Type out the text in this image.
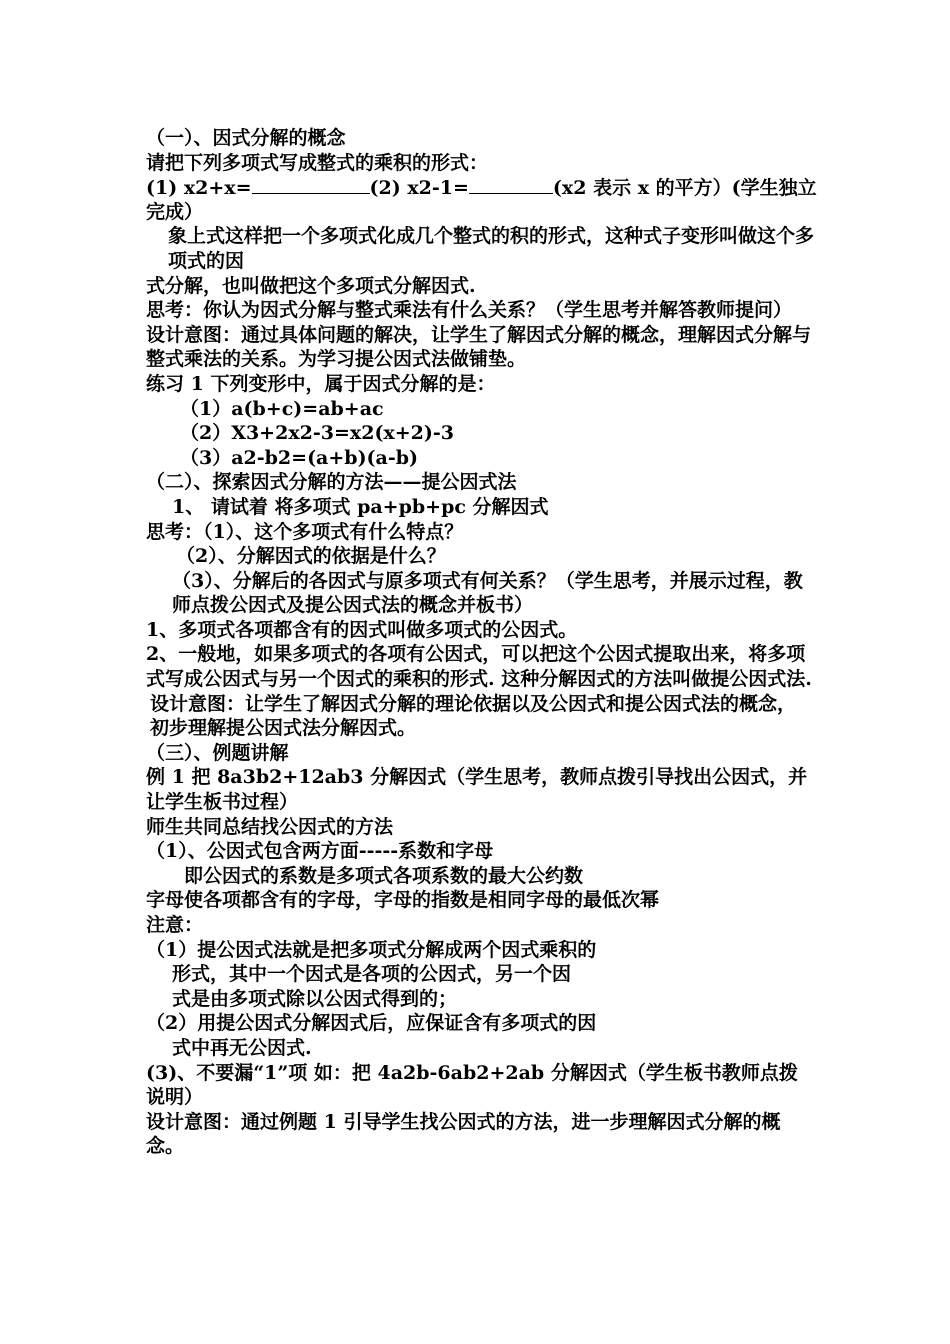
（一）、因式分解的概念
请把下列多项式写成整式的乘积的形式：
(1) x2+x=	(2) x2-1=	(x2 表示 x 的平方）(学生独立
完成）
象上式这样把一个多项式化成几个整式的积的形式，这种式子变形叫做这个多项式的因
式分解，也叫做把这个多项式分解因式.
思考：你认为因式分解与整式乘法有什么关系？（学生思考并解答教师提问）
设计意图：通过具体问题的解决，让学生了解因式分解的概念，理解因式分解与整式乘法的关系。为学习提公因式法做铺垫。
练习 1 下列变形中，属于因式分解的是：
（1）a(b+c)=ab+ac
（2）X3+2x2-3=x2(x+2)-3
（3）a2-b2=(a+b)(a-b)
（二）、探索因式分解的方法——提公因式法
1、 请试着 将多项式 pa+pb+pc 分解因式
思考：（1）、这个多项式有什么特点？
（2）、分解因式的依据是什么？
（3）、分解后的各因式与原多项式有何关系？（学生思考，并展示过程，教师点拨公因式及提公因式法的概念并板书）
1、多项式各项都含有的因式叫做多项式的公因式。
2、一般地，如果多项式的各项有公因式，可以把这个公因式提取出来，将多项式写成公因式与另一个因式的乘积的形式. 这种分解因式的方法叫做提公因式法.
设计意图：让学生了解因式分解的理论依据以及公因式和提公因式法的概念，初步理解提公因式法分解因式。
（三）、例题讲解
例 1 把 8a3b2+12ab3 分解因式（学生思考，教师点拨引导找出公因式，并让学生板书过程）
师生共同总结找公因式的方法
（1）、公因式包含两方面-----系数和字母
即公因式的系数是多项式各项系数的最大公约数
字母使各项都含有的字母，字母的指数是相同字母的最低次幂
注意：
（1）提公因式法就是把多项式分解成两个因式乘积的
形式，其中一个因式是各项的公因式，另一个因
式是由多项式除以公因式得到的；
（2）用提公因式分解因式后，应保证含有多项式的因
式中再无公因式.
(3)、不要漏“1”项 如：把 4a2b-6ab2+2ab 分解因式（学生板书教师点拨说明）
设计意图：通过例题 1 引导学生找公因式的方法，进一步理解因式分解的概念。
